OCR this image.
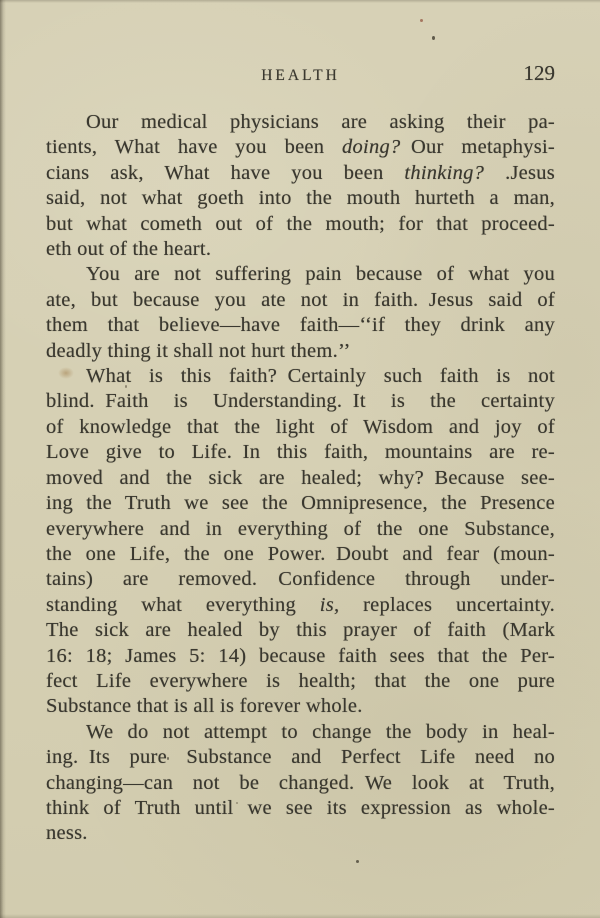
HEALTH	129
Our medical physicians are asking their pa-
tients, What have you been doing? Our metaphysi-
cians ask, What have you been thinking?  .Jesus
said, not what goeth into the mouth hurteth a man,
but what cometh out of the mouth; for that proceed-
eth out of the heart.
You are not suffering pain because of what you
ate, but because you ate not in faith. Jesus said of
them that believe—have faith—‘‘if they drink any
deadly thing it shall not hurt them.’’
What is this faith? Certainly such faith is not
blind. Faith is Understanding. It is the certainty
of knowledge that the light of Wisdom and joy of
Love give to Life. In this faith, mountains are re-
moved and the sick are healed; why? Because see-
ing the Truth we see the Omnipresence, the Presence
everywhere and in everything of the one Substance,
the one Life, the one Power. Doubt and fear (moun-
tains) are removed.  Confidence through under-
standing what everything is, replaces uncertainty.
The sick are healed by this prayer of faith (Mark
16: 18; James 5: 14) because faith sees that the Per-
fect Life everywhere is health; that the one pure
Substance that is all is forever whole.
We do not attempt to change the body in heal-
ing. Its pure Substance and Perfect Life need no
changing—can not be changed. We look at Truth,
think of Truth until we see its expression as whole-
ness.
